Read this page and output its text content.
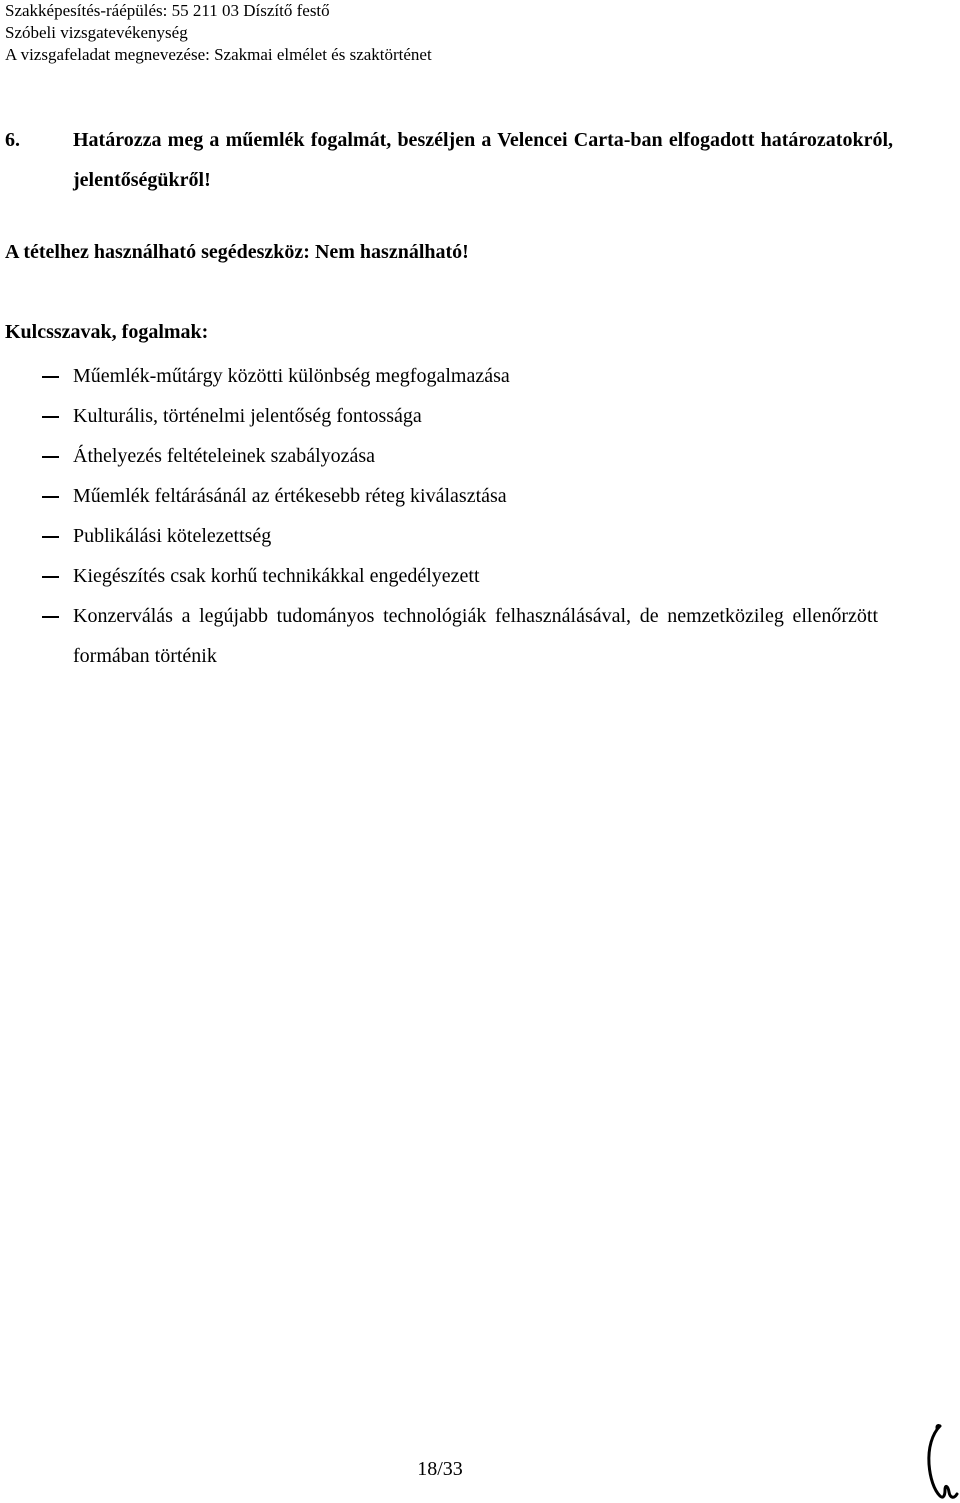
Szakképesítés-ráépülés: 55 211 03 Díszítő festő
Szóbeli vizsgatevékenység
A vizsgafeladat megnevezése: Szakmai elmélet és szaktörténet
6.	Határozza meg a műemlék fogalmát, beszéljen a Velencei Carta-ban elfogadott határozatokról, jelentőségükről!
A tételhez használható segédeszköz: Nem használható!
Kulcsszavak, fogalmak:
Műemlék-műtárgy közötti különbség megfogalmazása
Kulturális, történelmi jelentőség fontossága
Áthelyezés feltételeinek szabályozása
Műemlék feltárásánál az értékesebb réteg kiválasztása
Publikálási kötelezettség
Kiegészítés csak korhű technikákkal engedélyezett
Konzerválás a legújabb tudományos technológiák felhasználásával, de nemzetközileg ellenőrzött formában történik
18/33
